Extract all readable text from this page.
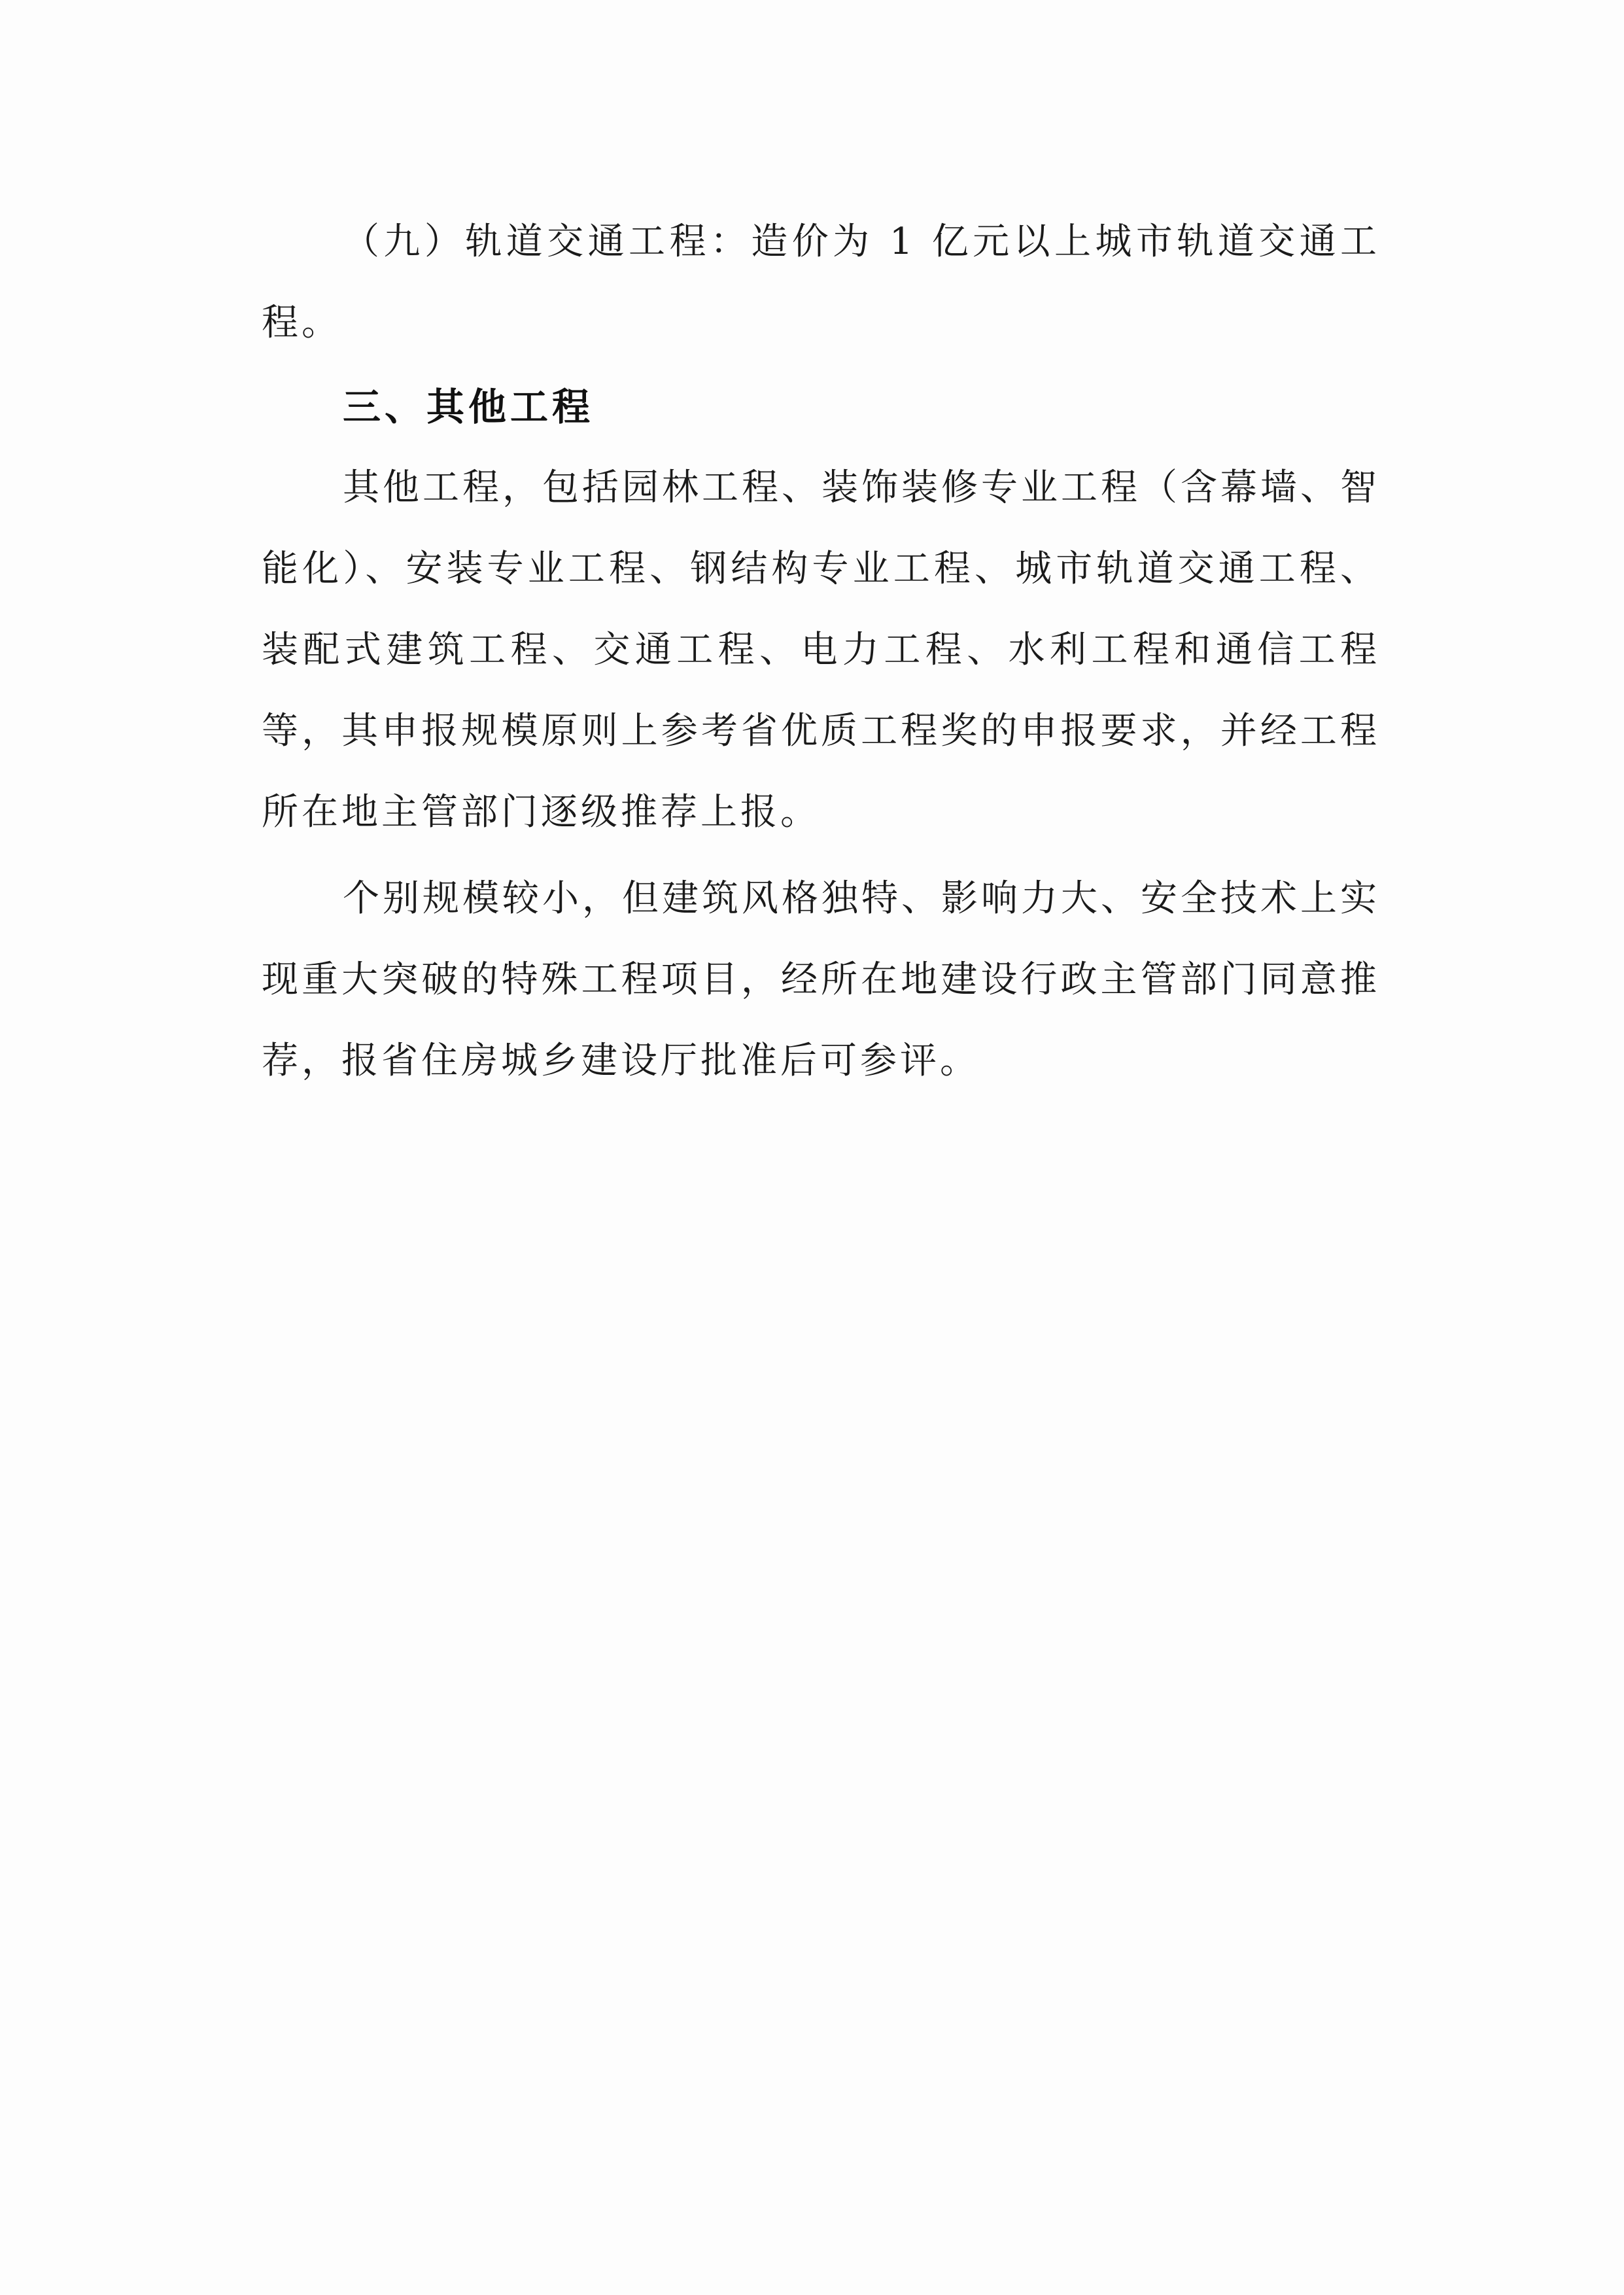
（九）轨道交通工程：造价为 1 亿元以上城市轨道交通工程。
三、其他工程
其他工程，包括园林工程、装饰装修专业工程（含幕墙、智能化）、安装专业工程、钢结构专业工程、城市轨道交通工程、装配式建筑工程、交通工程、电力工程、水利工程和通信工程等，其申报规模原则上参考省优质工程奖的申报要求，并经工程所在地主管部门逐级推荐上报。
个别规模较小，但建筑风格独特、影响力大、安全技术上实现重大突破的特殊工程项目，经所在地建设行政主管部门同意推荐，报省住房城乡建设厅批准后可参评。
